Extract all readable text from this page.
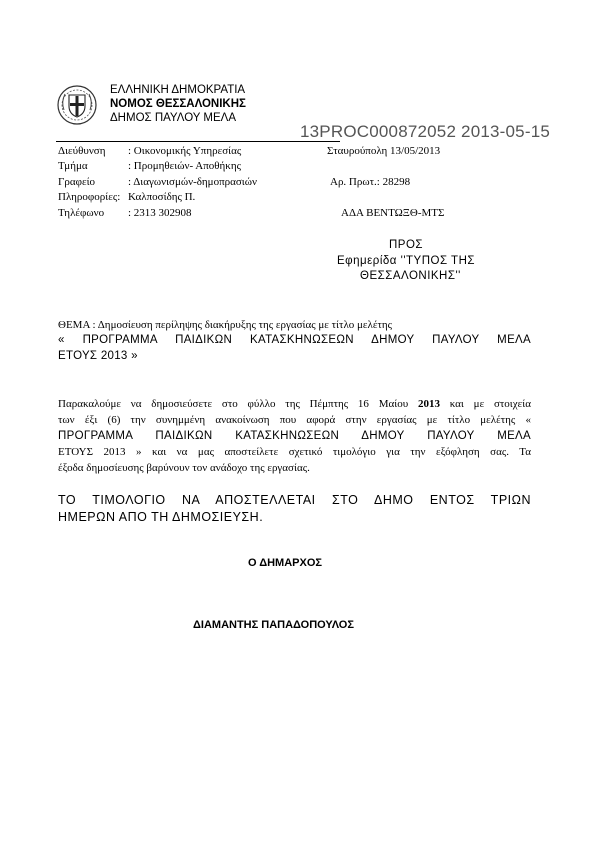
ΕΛΛΗΝΙΚΗ ΔΗΜΟΚΡΑΤΙΑ
ΝΟΜΟΣ ΘΕΣΣΑΛΟΝΙΚΗΣ
ΔΗΜΟΣ ΠΑΥΛΟΥ ΜΕΛΑ
13PROC000872052 2013-05-15
Διεύθυνση : Οικονομικής Υπηρεσίας	Σταυρούπολη 13/05/2013
Τμήμα	: Προμηθειών- Αποθήκης
Γραφείο	: Διαγωνισμών-δημοπρασιών	Αρ. Πρωτ.: 28298
Πληροφορίες: Καλποσίδης Π.
Τηλέφωνο : 2313 302908	ΑΔΑ ΒΕΝΤΩΞΘ-ΜΤΣ
ΠΡΟΣ
Εφημερίδα ''ΤΥΠΟΣ ΤΗΣ
ΘΕΣΣΑΛΟΝΙΚΗΣ''
ΘΕΜΑ : Δημοσίευση περίληψης διακήρυξης της εργασίας με τίτλο μελέτης
« ΠΡΟΓΡΑΜΜΑ ΠΑΙΔΙΚΩΝ ΚΑΤΑΣΚΗΝΩΣΕΩΝ ΔΗΜΟΥ ΠΑΥΛΟΥ ΜΕΛΑ
ΕΤΟΥΣ 2013 »
Παρακαλούμε να δημοσιεύσετε στο φύλλο της Πέμπτης 16 Μαίου 2013 και με στοιχεία
των έξι (6) την συνημμένη ανακοίνωση που αφορά στην εργασίας με τίτλο μελέτης «
ΠΡΟΓΡΑΜΜΑ ΠΑΙΔΙΚΩΝ ΚΑΤΑΣΚΗΝΩΣΕΩΝ ΔΗΜΟΥ ΠΑΥΛΟΥ ΜΕΛΑ
ΕΤΟΥΣ 2013 » και να μας αποστείλετε σχετικό τιμολόγιο για την εξόφληση σας. Τα
έξοδα δημοσίευσης βαρύνουν τον ανάδοχο της εργασίας.
ΤΟ ΤΙΜΟΛΟΓΙΟ ΝΑ ΑΠΟΣΤΕΛΛΕΤΑΙ ΣΤΟ ΔΗΜΟ ΕΝΤΟΣ ΤΡΙΩΝ
ΗΜΕΡΩΝ ΑΠΟ ΤΗ ΔΗΜΟΣΙΕΥΣΗ.
Ο ΔΗΜΑΡΧΟΣ
ΔΙΑΜΑΝΤΗΣ ΠΑΠΑΔΟΠΟΥΛΟΣ
